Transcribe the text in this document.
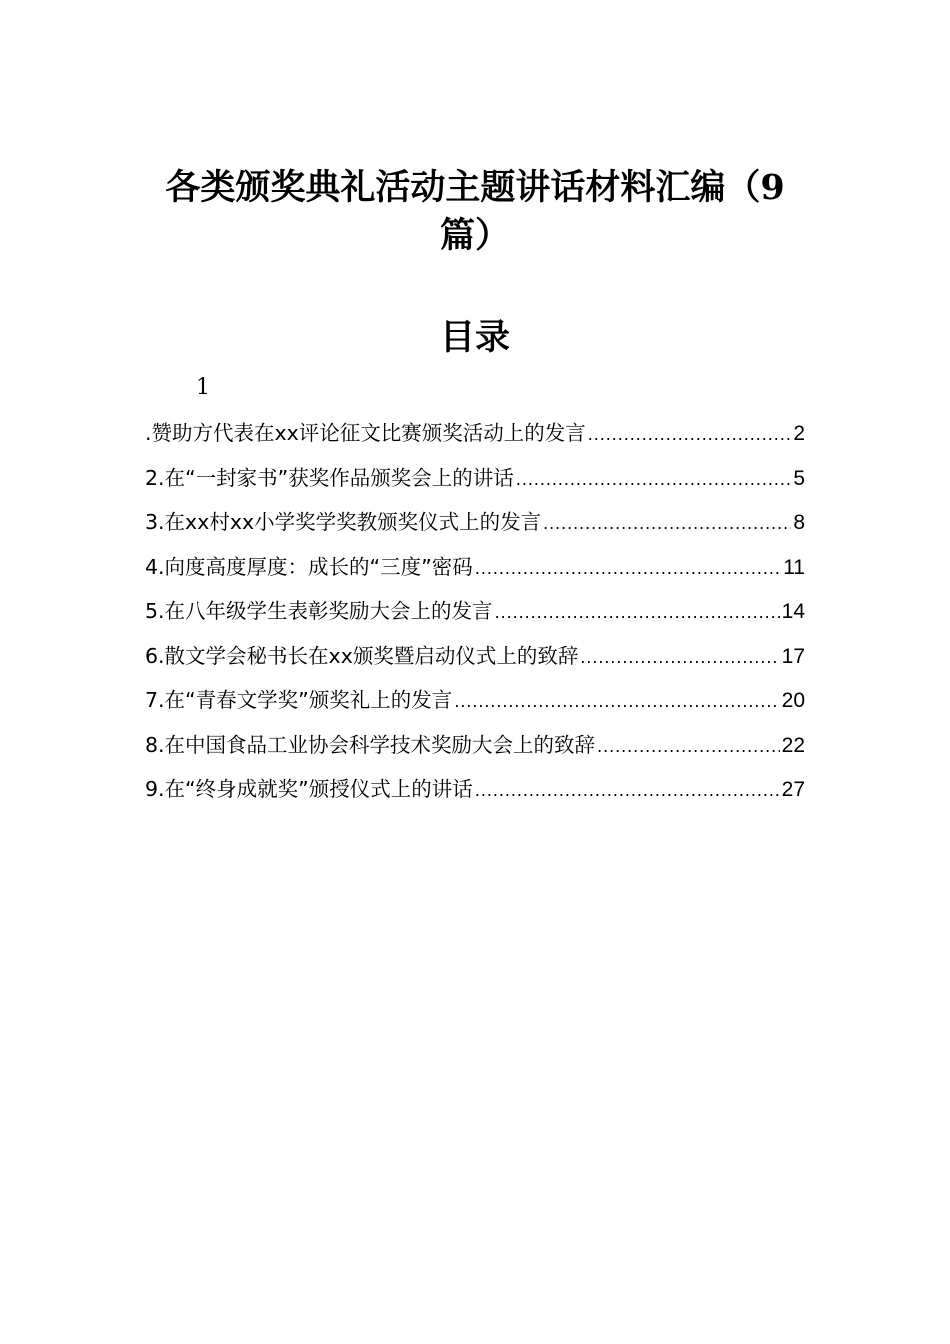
各类颁奖典礼活动主题讲话材料汇编（9
篇）
目录
1
.赞助方代表在xx评论征文比赛颁奖活动上的发言 .....	2
2.在“一封家书”获奖作品颁奖会上的讲话 .....	5
3.在xx村xx小学奖学奖教颁奖仪式上的发言 .....	8
4.向度高度厚度：成长的“三度”密码 .....	11
5.在八年级学生表彰奖励大会上的发言 .....	14
6.散文学会秘书长在xx颁奖暨启动仪式上的致辞 .....	17
7.在“青春文学奖”颁奖礼上的发言 .....	20
8.在中国食品工业协会科学技术奖励大会上的致辞 .....	22
9.在“终身成就奖”颁授仪式上的讲话 .....	27
